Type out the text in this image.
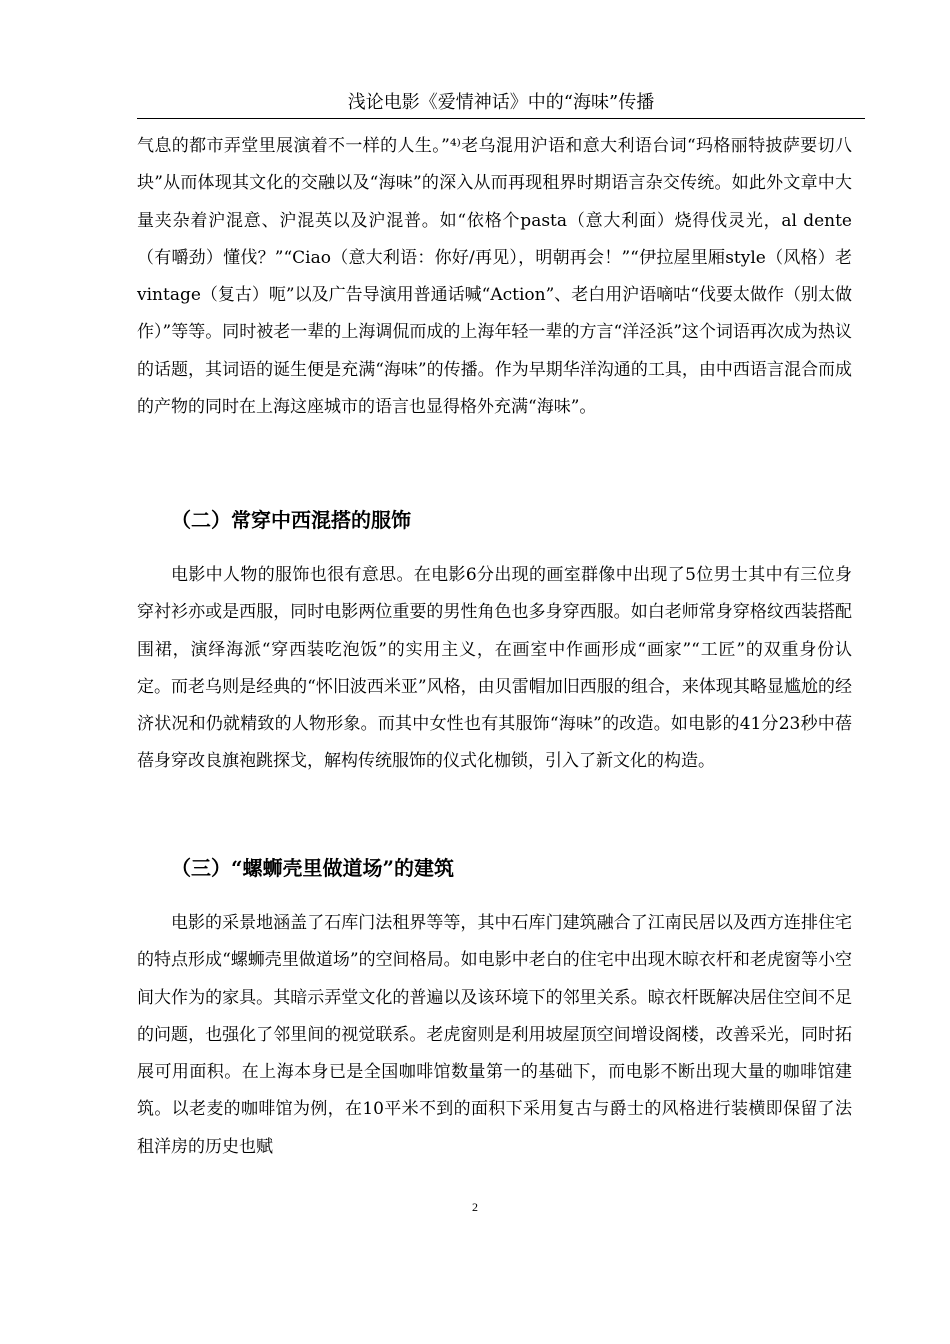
浅论电影《爱情神话》中的“海味”传播

气息的都市弄堂里展演着不一样的人生。”⁴⁾老乌混用沪语和意大利语台词“玛格丽特披萨要切八块”从而体现其文化的交融以及“海味”的深入从而再现租界时期语言杂交传统。如此外文章中大量夹杂着沪混意、沪混英以及沪混普。如“依格个pasta（意大利面）烧得伐灵光，al dente（有嚼劲）懂伐？”“Ciao（意大利语：你好/再见），明朝再会！”“伊拉屋里厢style（风格）老vintage（复古）呃”以及广告导演用普通话喊“Action”、老白用沪语嘀咕“伐要太做作（别太做作）”等等。同时被老一辈的上海调侃而成的上海年轻一辈的方言“洋泾浜”这个词语再次成为热议的话题，其词语的诞生便是充满“海味”的传播。作为早期华洋沟通的工具，由中西语言混合而成的产物的同时在上海这座城市的语言也显得格外充满“海味”。

（二）常穿中西混搭的服饰

电影中人物的服饰也很有意思。在电影6分出现的画室群像中出现了5位男士其中有三位身穿衬衫亦或是西服，同时电影两位重要的男性角色也多身穿西服。如白老师常身穿格纹西装搭配围裙，演绎海派“穿西装吃泡饭”的实用主义，在画室中作画形成“画家”“工匠”的双重身份认定。而老乌则是经典的“怀旧波西米亚”风格，由贝雷帽加旧西服的组合，来体现其略显尴尬的经济状况和仍就精致的人物形象。而其中女性也有其服饰“海味”的改造。如电影的41分23秒中蓓蓓身穿改良旗袍跳探戈，解构传统服饰的仪式化枷锁，引入了新文化的构造。

（三）“螺蛳壳里做道场”的建筑

电影的采景地涵盖了石库门法租界等等，其中石库门建筑融合了江南民居以及西方连排住宅的特点形成“螺蛳壳里做道场”的空间格局。如电影中老白的住宅中出现木晾衣杆和老虎窗等小空间大作为的家具。其暗示弄堂文化的普遍以及该环境下的邻里关系。晾衣杆既解决居住空间不足的问题，也强化了邻里间的视觉联系。老虎窗则是利用坡屋顶空间增设阁楼，改善采光，同时拓展可用面积。在上海本身已是全国咖啡馆数量第一的基础下，而电影不断出现大量的咖啡馆建筑。以老麦的咖啡馆为例，在10平米不到的面积下采用复古与爵士的风格进行装横即保留了法租洋房的历史也赋

2
